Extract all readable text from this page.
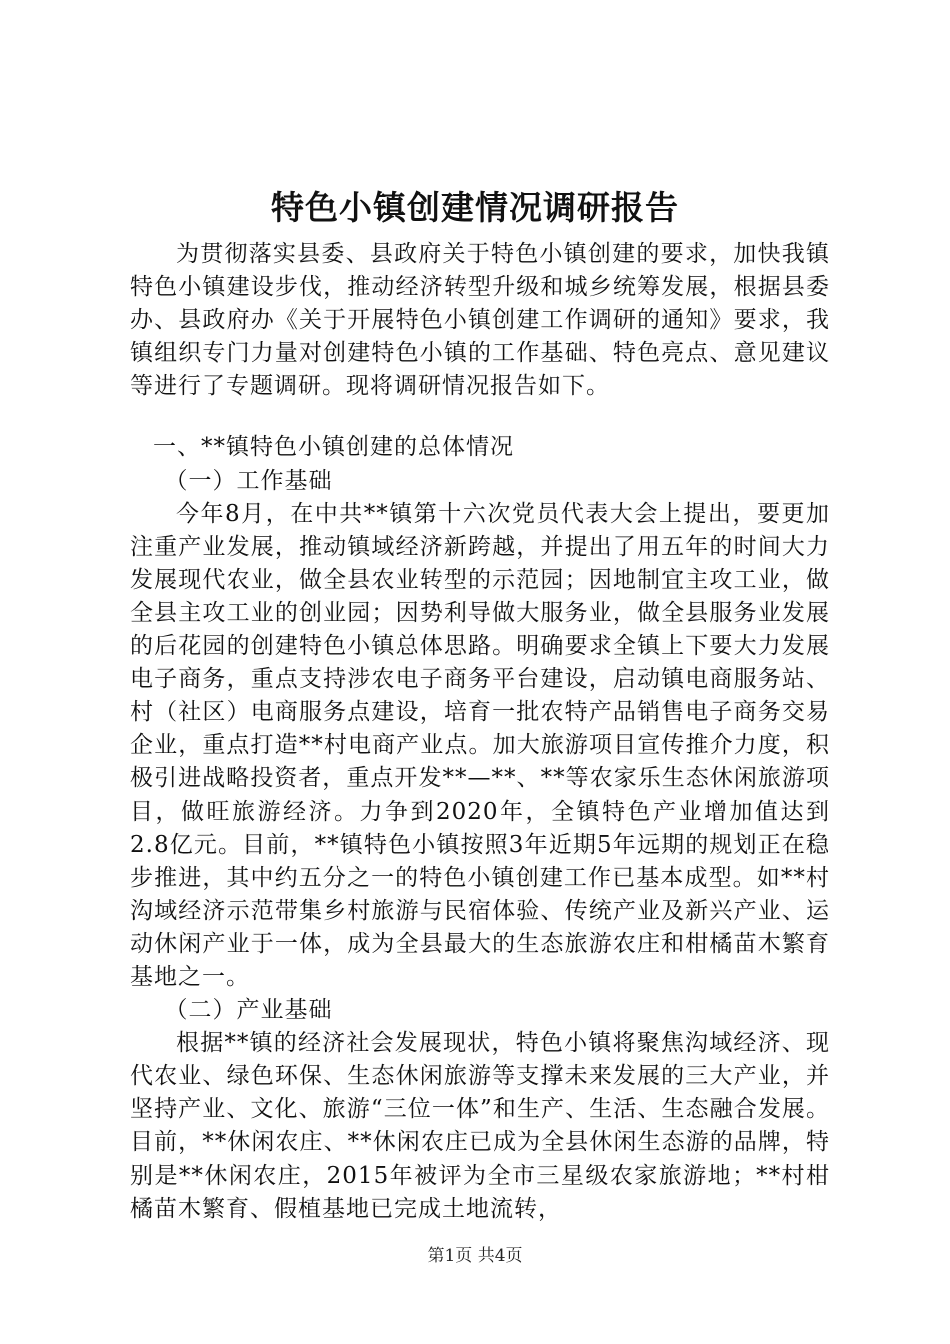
特色小镇创建情况调研报告

为贯彻落实县委、县政府关于特色小镇创建的要求，加快我镇特色小镇建设步伐，推动经济转型升级和城乡统筹发展，根据县委办、县政府办《关于开展特色小镇创建工作调研的通知》要求，我镇组织专门力量对创建特色小镇的工作基础、特色亮点、意见建议等进行了专题调研。现将调研情况报告如下。

一、**镇特色小镇创建的总体情况

（一）工作基础

今年8月，在中共**镇第十六次党员代表大会上提出，要更加注重产业发展，推动镇域经济新跨越，并提出了用五年的时间大力发展现代农业，做全县农业转型的示范园；因地制宜主攻工业，做全县主攻工业的创业园；因势利导做大服务业，做全县服务业发展的后花园的创建特色小镇总体思路。明确要求全镇上下要大力发展电子商务，重点支持涉农电子商务平台建设，启动镇电商服务站、村（社区）电商服务点建设，培育一批农特产品销售电子商务交易企业，重点打造**村电商产业点。加大旅游项目宣传推介力度，积极引进战略投资者，重点开发**—**、**等农家乐生态休闲旅游项目，做旺旅游经济。力争到2020年，全镇特色产业增加值达到2.8亿元。目前，**镇特色小镇按照3年近期5年远期的规划正在稳步推进，其中约五分之一的特色小镇创建工作已基本成型。如**村沟域经济示范带集乡村旅游与民宿体验、传统产业及新兴产业、运动休闲产业于一体，成为全县最大的生态旅游农庄和柑橘苗木繁育基地之一。

（二）产业基础

根据**镇的经济社会发展现状，特色小镇将聚焦沟域经济、现代农业、绿色环保、生态休闲旅游等支撑未来发展的三大产业，并坚持产业、文化、旅游“三位一体”和生产、生活、生态融合发展。目前，**休闲农庄、**休闲农庄已成为全县休闲生态游的品牌，特别是**休闲农庄，2015年被评为全市三星级农家旅游地；**村柑橘苗木繁育、假植基地已完成土地流转，

第1页 共4页
